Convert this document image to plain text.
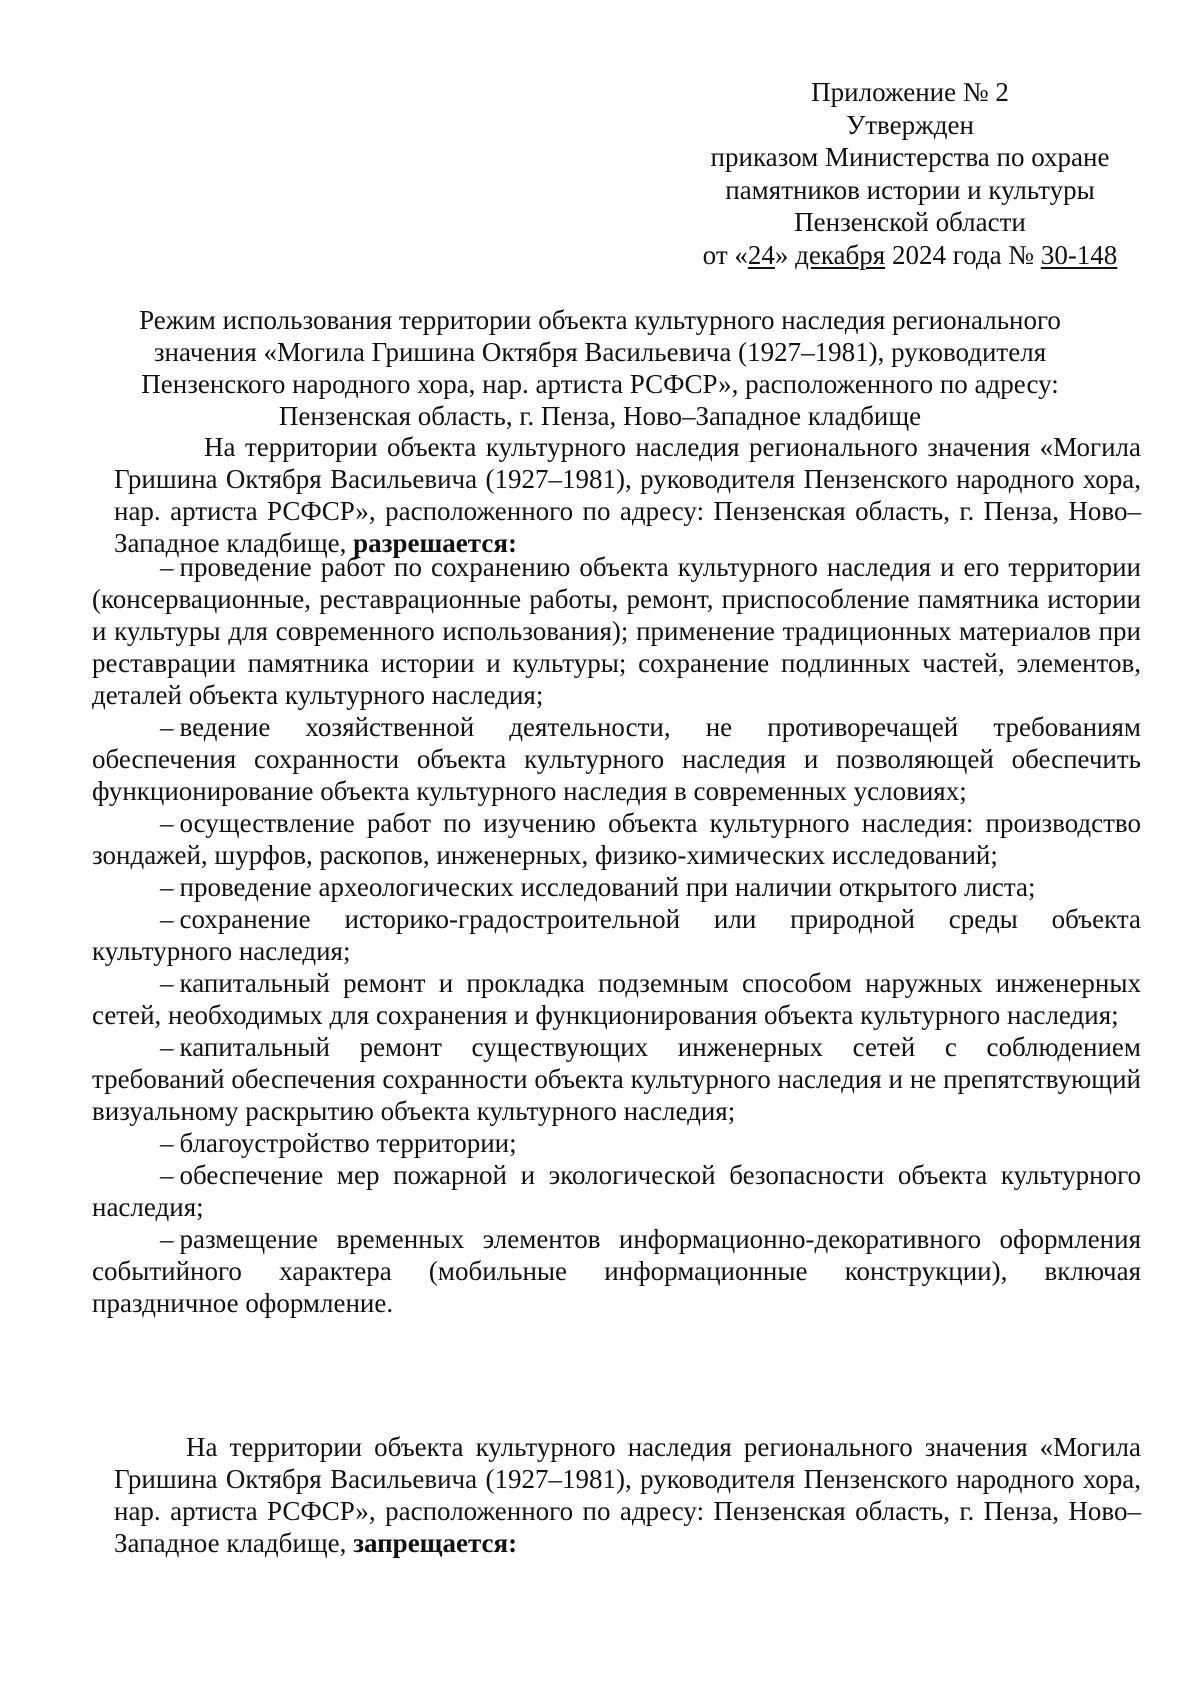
Приложение № 2
Утвержден
приказом Министерства по охране
памятников истории и культуры
Пензенской области
от «24» декабря 2024 года № 30-148
Режим использования территории объекта культурного наследия регионального
значения «Могила Гришина Октября Васильевича (1927–1981), руководителя
Пензенского народного хора, нар. артиста РСФСР», расположенного по адресу:
Пензенская область, г. Пенза, Ново–Западное кладбище

На территории объекта культурного наследия регионального значения «Могила Гришина Октября Васильевича (1927–1981), руководителя Пензенского народного хора, нар. артиста РСФСР», расположенного по адресу: Пензенская область, г. Пенза, Ново–Западное кладбище, разрешается:

– проведение работ по сохранению объекта культурного наследия и его территории (консервационные, реставрационные работы, ремонт, приспособление памятника истории и культуры для современного использования); применение традиционных материалов при реставрации памятника истории и культуры; сохранение подлинных частей, элементов, деталей объекта культурного наследия;

– ведение хозяйственной деятельности, не противоречащей требованиям обеспечения сохранности объекта культурного наследия и позволяющей обеспечить функционирование объекта культурного наследия в современных условиях;

– осуществление работ по изучению объекта культурного наследия: производство зондажей, шурфов, раскопов, инженерных, физико-химических исследований;

– проведение археологических исследований при наличии открытого листа;

– сохранение историко-градостроительной или природной среды объекта культурного наследия;

– капитальный ремонт и прокладка подземным способом наружных инженерных сетей, необходимых для сохранения и функционирования объекта культурного наследия;

– капитальный ремонт существующих инженерных сетей с соблюдением требований обеспечения сохранности объекта культурного наследия и не препятствующий визуальному раскрытию объекта культурного наследия;

– благоустройство территории;

– обеспечение мер пожарной и экологической безопасности объекта культурного наследия;

– размещение временных элементов информационно-декоративного оформления событийного характера (мобильные информационные конструкции), включая праздничное оформление.

На территории объекта культурного наследия регионального значения «Могила Гришина Октября Васильевича (1927–1981), руководителя Пензенского народного хора, нар. артиста РСФСР», расположенного по адресу: Пензенская область, г. Пенза, Ново–Западное кладбище, запрещается:
